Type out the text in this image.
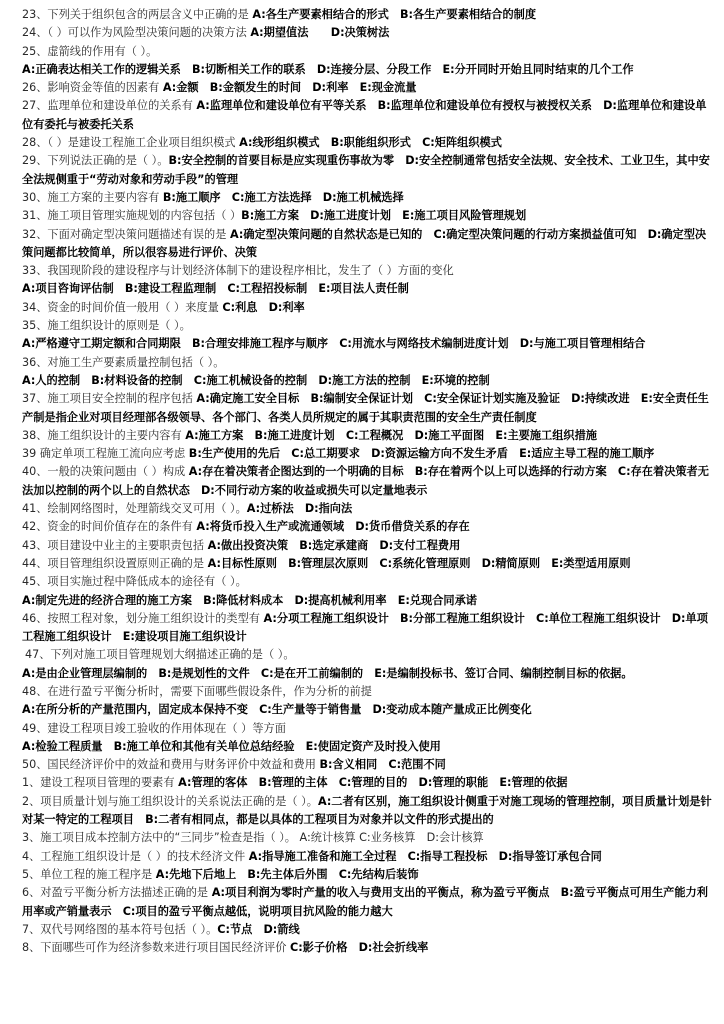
23、下列关于组织包含的两层含义中正确的是 A:各生产要素相结合的形式　B:各生产要素相结合的制度
24、（ ）可以作为风险型决策问题的决策方法 A:期望值法　　D:决策树法
25、虚箭线的作用有（ ）。
A:正确表达相关工作的逻辑关系　B:切断相关工作的联系　D:连接分层、分段工作　E:分开同时开始且同时结束的几个工作
26、影响资金等值的因素有 A:金额　B:金额发生的时间　D:利率　E:现金流量
27、监理单位和建设单位的关系有 A:监理单位和建设单位有平等关系　B:监理单位和建设单位有授权与被授权关系　D:监理单位和建设单位有委托与被委托关系
28、（ ）是建设工程施工企业项目组织模式 A:线形组织模式　B:职能组织形式　C:矩阵组织模式
29、下列说法正确的是（ ）。B:安全控制的首要目标是应实现重伤事故为零　D:安全控制通常包括安全法规、安全技术、工业卫生，其中安全法规侧重于“劳动对象和劳动手段”的管理
30、施工方案的主要内容有 B:施工顺序　C:施工方法选择　D:施工机械选择
31、施工项目管理实施规划的内容包括（ ）B:施工方案　D:施工进度计划　E:施工项目风险管理规划
32、下面对确定型决策问题描述有误的是 A:确定型决策问题的自然状态是已知的　C:确定型决策问题的行动方案损益值可知　D:确定型决策问题都比较简单，所以很容易进行评价、决策
33、我国现阶段的建设程序与计划经济体制下的建设程序相比，发生了（ ）方面的变化
A:项目咨询评估制　B:建设工程监理制　C:工程招投标制　E:项目法人责任制
34、资金的时间价值一般用（ ）来度量 C:利息　D:利率
35、施工组织设计的原则是（ ）。
A:严格遵守工期定额和合同期限　B:合理安排施工程序与顺序　C:用流水与网络技术编制进度计划　D:与施工项目管理相结合
36、对施工生产要素质量控制包括（ ）。
A:人的控制　B:材料设备的控制　C:施工机械设备的控制　D:施工方法的控制　E:环境的控制
37、施工项目安全控制的程序包括 A:确定施工安全目标　B:编制安全保证计划　C:安全保证计划实施及验证　D:持续改进　E:安全责任生产制是指企业对项目经理部各级领导、各个部门、各类人员所规定的属于其职责范围的安全生产责任制度
38、施工组织设计的主要内容有 A:施工方案　B:施工进度计划　C:工程概况　D:施工平面图　E:主要施工组织措施
39 确定单项工程施工流向应考虑 B:生产使用的先后　C:总工期要求　D:资源运输方向不发生矛盾　E:适应主导工程的施工顺序
40、一般的决策问题由（ ）构成 A:存在着决策者企图达到的一个明确的目标　B:存在着两个以上可以选择的行动方案　C:存在着决策者无法加以控制的两个以上的自然状态　D:不同行动方案的收益或损失可以定量地表示
41、绘制网络图时，处理箭线交叉可用（ ）。A:过桥法　D:指向法
42、资金的时间价值存在的条件有 A:将货币投入生产或流通领域　D:货币借贷关系的存在
43、项目建设中业主的主要职责包括 A:做出投资决策　B:选定承建商　D:支付工程费用
44、项目管理组织设置原则正确的是 A:目标性原则　B:管理层次原则　C:系统化管理原则　D:精简原则　E:类型适用原则
45、项目实施过程中降低成本的途径有（ ）。
A:制定先进的经济合理的施工方案　B:降低材料成本　D:提高机械利用率　E:兑现合同承诺
46、按照工程对象，划分施工组织设计的类型有 A:分项工程施工组织设计　B:分部工程施工组织设计　C:单位工程施工组织设计　D:单项工程施工组织设计　E:建设项目施工组织设计
47、下列对施工项目管理规划大纲描述正确的是（ ）。
A:是由企业管理层编制的　B:是规划性的文件　C:是在开工前编制的　E:是编制投标书、签订合同、编制控制目标的依据。
48、在进行盈亏平衡分析时，需要下面哪些假设条件，作为分析的前提
A:在所分析的产量范围内，固定成本保持不变　C:生产量等于销售量　D:变动成本随产量成正比例变化
49、建设工程项目竣工验收的作用体现在（ ）等方面
A:检验工程质量　B:施工单位和其他有关单位总结经验　E:使固定资产及时投入使用
50、国民经济评价中的效益和费用与财务评价中效益和费用 B:含义相同　C:范围不同
1、建设工程项目管理的要素有 A:管理的客体　B:管理的主体　C:管理的目的　D:管理的职能　E:管理的依据
2、项目质量计划与施工组织设计的关系说法正确的是（ ）。A:二者有区别，施工组织设计侧重于对施工现场的管理控制，项目质量计划是针对某一特定的工程项目　B:二者有相同点，都是以具体的工程项目为对象并以文件的形式提出的
3、施工项目成本控制方法中的“三同步”检查是指（ ）。 A:统计核算 C:业务核算　D:会计核算
4、工程施工组织设计是（ ）的技术经济文件 A:指导施工准备和施工全过程　C:指导工程投标　D:指导签订承包合同
5、单位工程的施工程序是 A:先地下后地上　B:先主体后外围　C:先结构后装饰
6、对盈亏平衡分析方法描述正确的是 A:项目利润为零时产量的收入与费用支出的平衡点，称为盈亏平衡点　B:盈亏平衡点可用生产能力利用率或产销量表示　C:项目的盈亏平衡点越低，说明项目抗风险的能力越大
7、双代号网络图的基本符号包括（ ）。C:节点　D:箭线
8、下面哪些可作为经济参数来进行项目国民经济评价 C:影子价格　D:社会折线率
